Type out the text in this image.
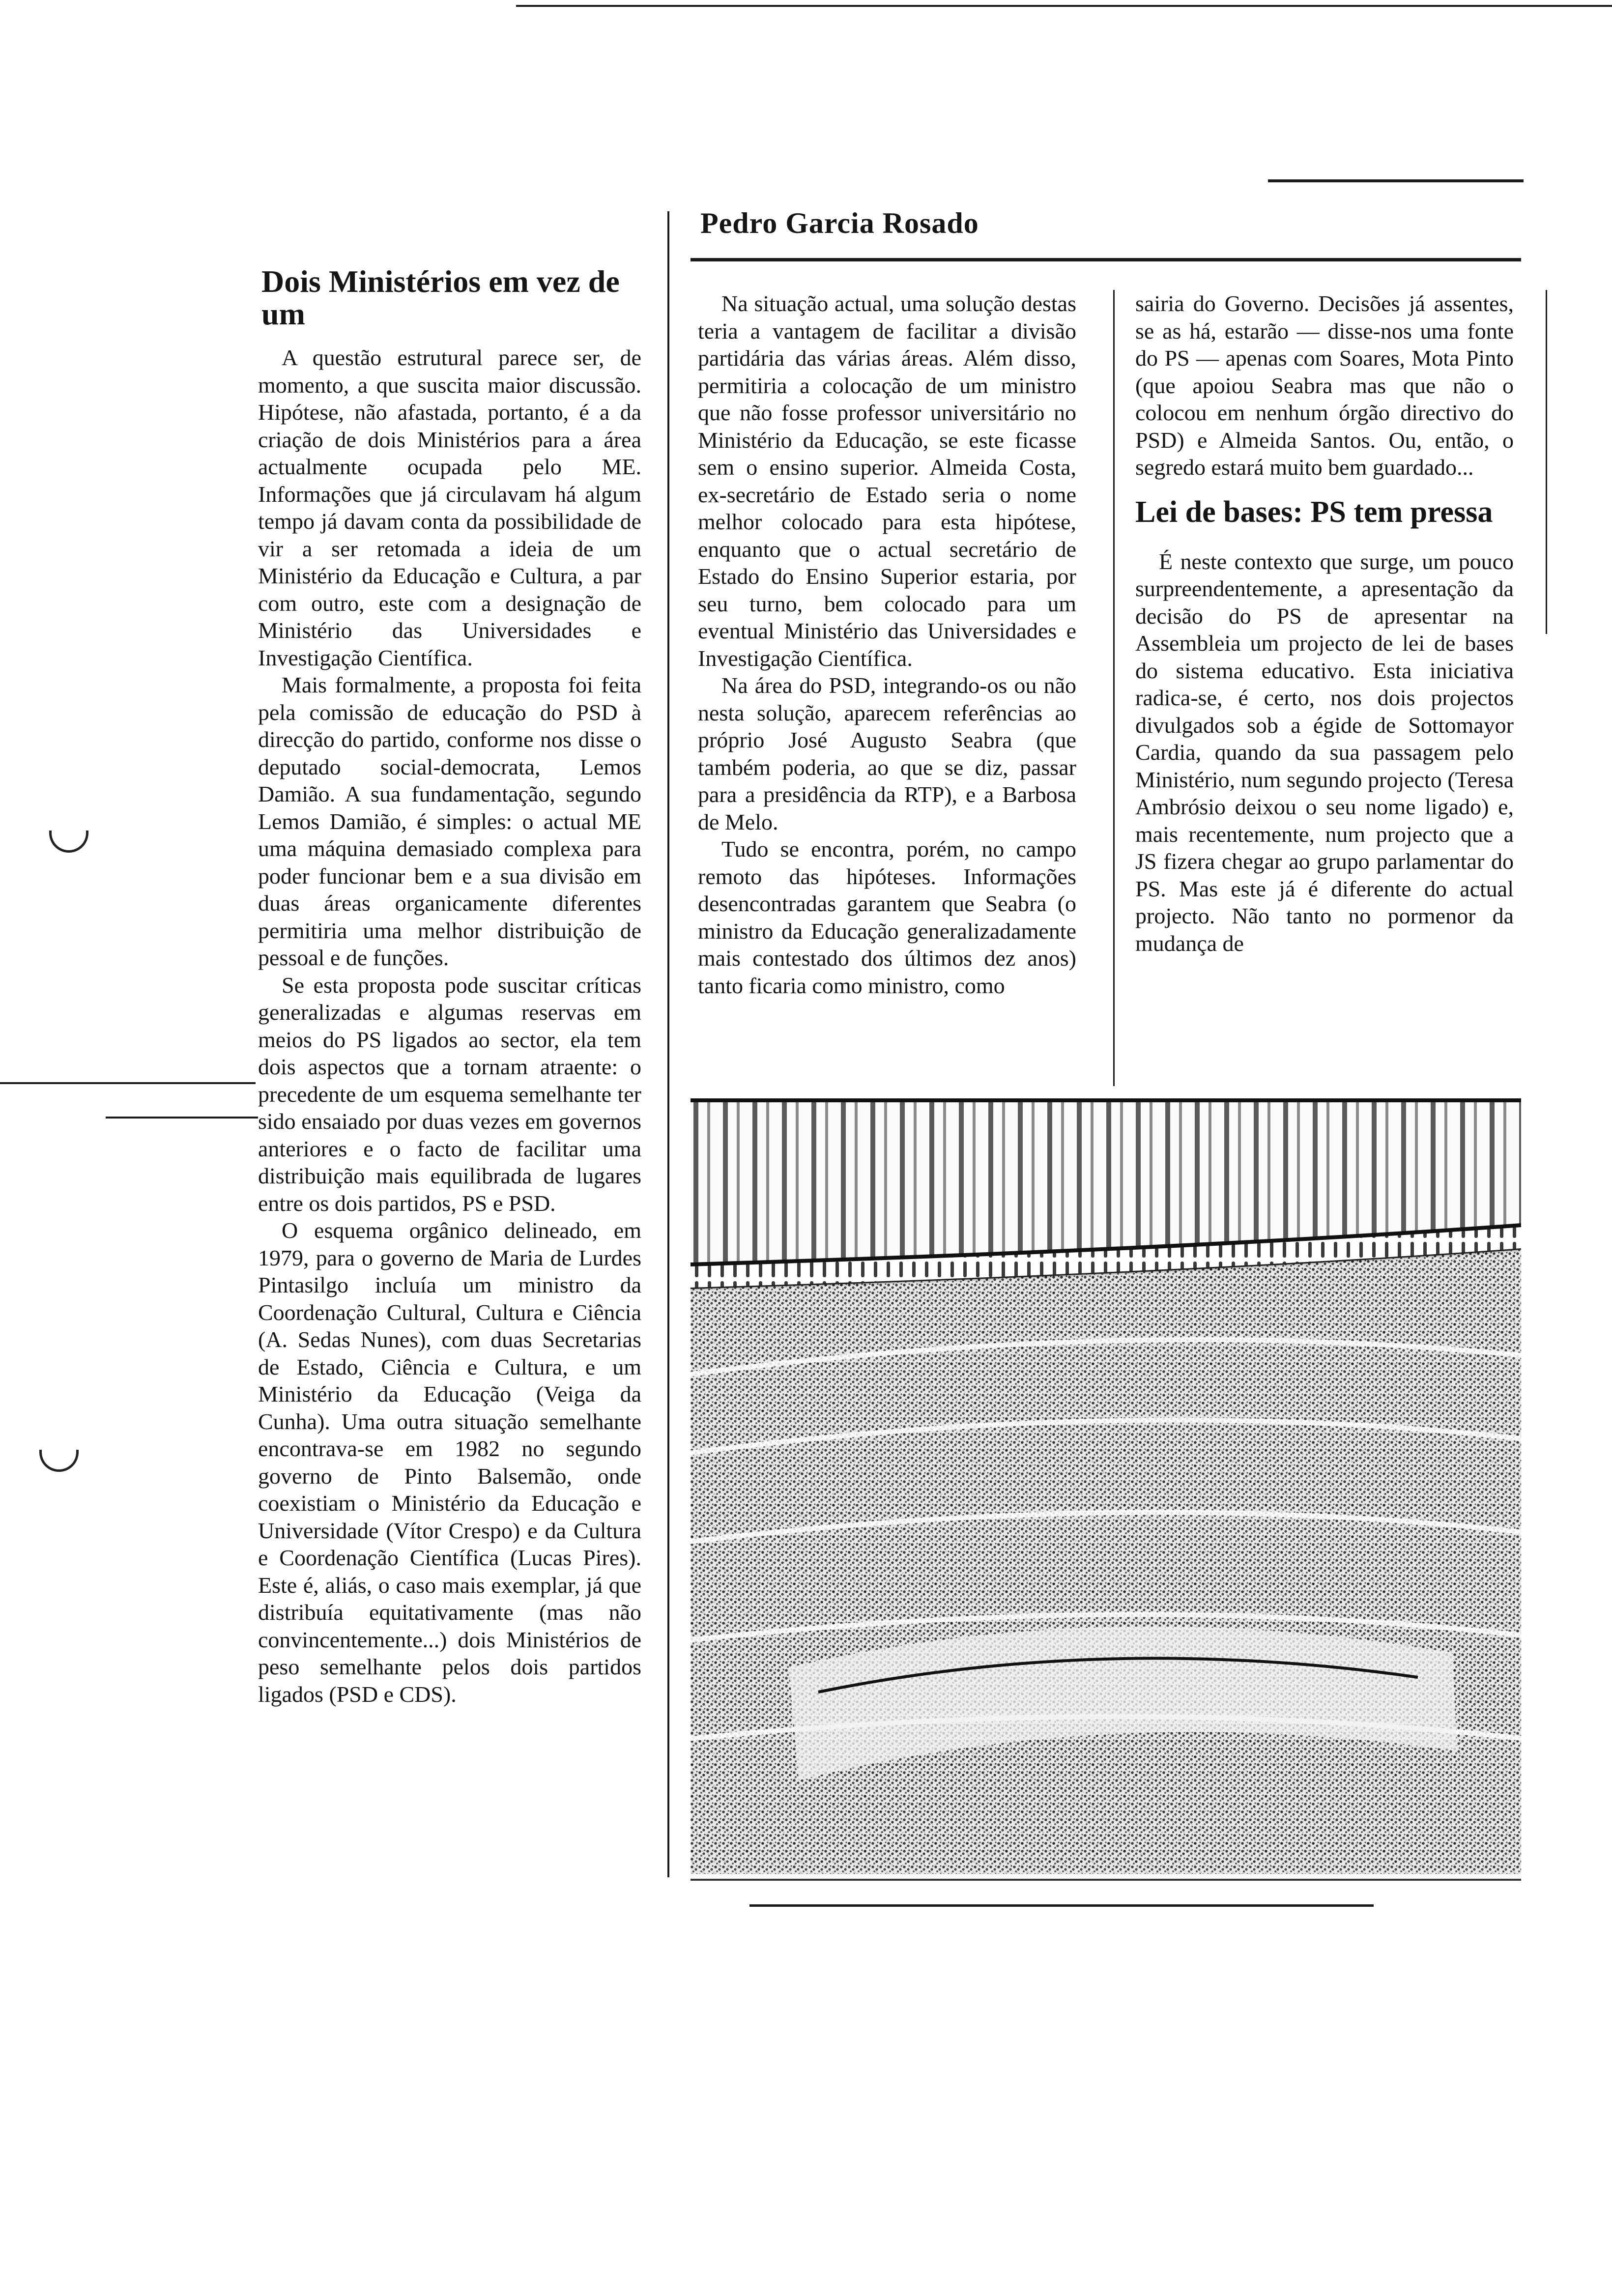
Pedro Garcia Rosado
Dois Ministérios em vez de um

A questão estrutural parece ser, de momento, a que suscita maior discussão. Hipótese, não afastada, portanto, é a da criação de dois Ministérios para a área actualmente ocupada pelo ME. Informações que já circulavam há algum tempo já davam conta da possibilidade de vir a ser retomada a ideia de um Ministério da Educação e Cultura, a par com outro, este com a designação de Ministério das Universidades e Investigação Científica.

Mais formalmente, a proposta foi feita pela comissão de educação do PSD à direcção do partido, conforme nos disse o deputado social-democrata, Lemos Damião. A sua fundamentação, segundo Lemos Damião, é simples: o actual ME uma máquina demasiado complexa para poder funcionar bem e a sua divisão em duas áreas organicamente diferentes permitiria uma melhor distribuição de pessoal e de funções.

Se esta proposta pode suscitar críticas generalizadas e algumas reservas em meios do PS ligados ao sector, ela tem dois aspectos que a tornam atraente: o precedente de um esquema semelhante ter sido ensaiado por duas vezes em governos anteriores e o facto de facilitar uma distribuição mais equilibrada de lugares entre os dois partidos, PS e PSD.

O esquema orgânico delineado, em 1979, para o governo de Maria de Lurdes Pintasilgo incluía um ministro da Coordenação Cultural, Cultura e Ciência (A. Sedas Nunes), com duas Secretarias de Estado, Ciência e Cultura, e um Ministério da Educação (Veiga da Cunha). Uma outra situação semelhante encontrava-se em 1982 no segundo governo de Pinto Balsemão, onde coexistiam o Ministério da Educação e Universidade (Vítor Crespo) e da Cultura e Coordenação Científica (Lucas Pires). Este é, aliás, o caso mais exemplar, já que distribuía equitativamente (mas não convincentemente...) dois Ministérios de peso semelhante pelos dois partidos ligados (PSD e CDS).

Na situação actual, uma solução destas teria a vantagem de facilitar a divisão partidária das várias áreas. Além disso, permitiria a colocação de um ministro que não fosse professor universitário no Ministério da Educação, se este ficasse sem o ensino superior. Almeida Costa, ex-secretário de Estado seria o nome melhor colocado para esta hipótese, enquanto que o actual secretário de Estado do Ensino Superior estaria, por seu turno, bem colocado para um eventual Ministério das Universidades e Investigação Científica.

Na área do PSD, integrando-os ou não nesta solução, aparecem referências ao próprio José Augusto Seabra (que também poderia, ao que se diz, passar para a presidência da RTP), e a Barbosa de Melo.

Tudo se encontra, porém, no campo remoto das hipóteses. Informações desencontradas garantem que Seabra (o ministro da Educação generalizadamente mais contestado dos últimos dez anos) tanto ficaria como ministro, como

sairia do Governo. Decisões já assentes, se as há, estarão — disse-nos uma fonte do PS — apenas com Soares, Mota Pinto (que apoiou Seabra mas que não o colocou em nenhum órgão directivo do PSD) e Almeida Santos. Ou, então, o segredo estará muito bem guardado...

Lei de bases: PS tem pressa

É neste contexto que surge, um pouco surpreendentemente, a apresentação da decisão do PS de apresentar na Assembleia um projecto de lei de bases do sistema educativo. Esta iniciativa radica-se, é certo, nos dois projectos divulgados sob a égide de Sottomayor Cardia, quando da sua passagem pelo Ministério, num segundo projecto (Teresa Ambrósio deixou o seu nome ligado) e, mais recentemente, num projecto que a JS fizera chegar ao grupo parlamentar do PS. Mas este já é diferente do actual projecto. Não tanto no pormenor da mudança de
